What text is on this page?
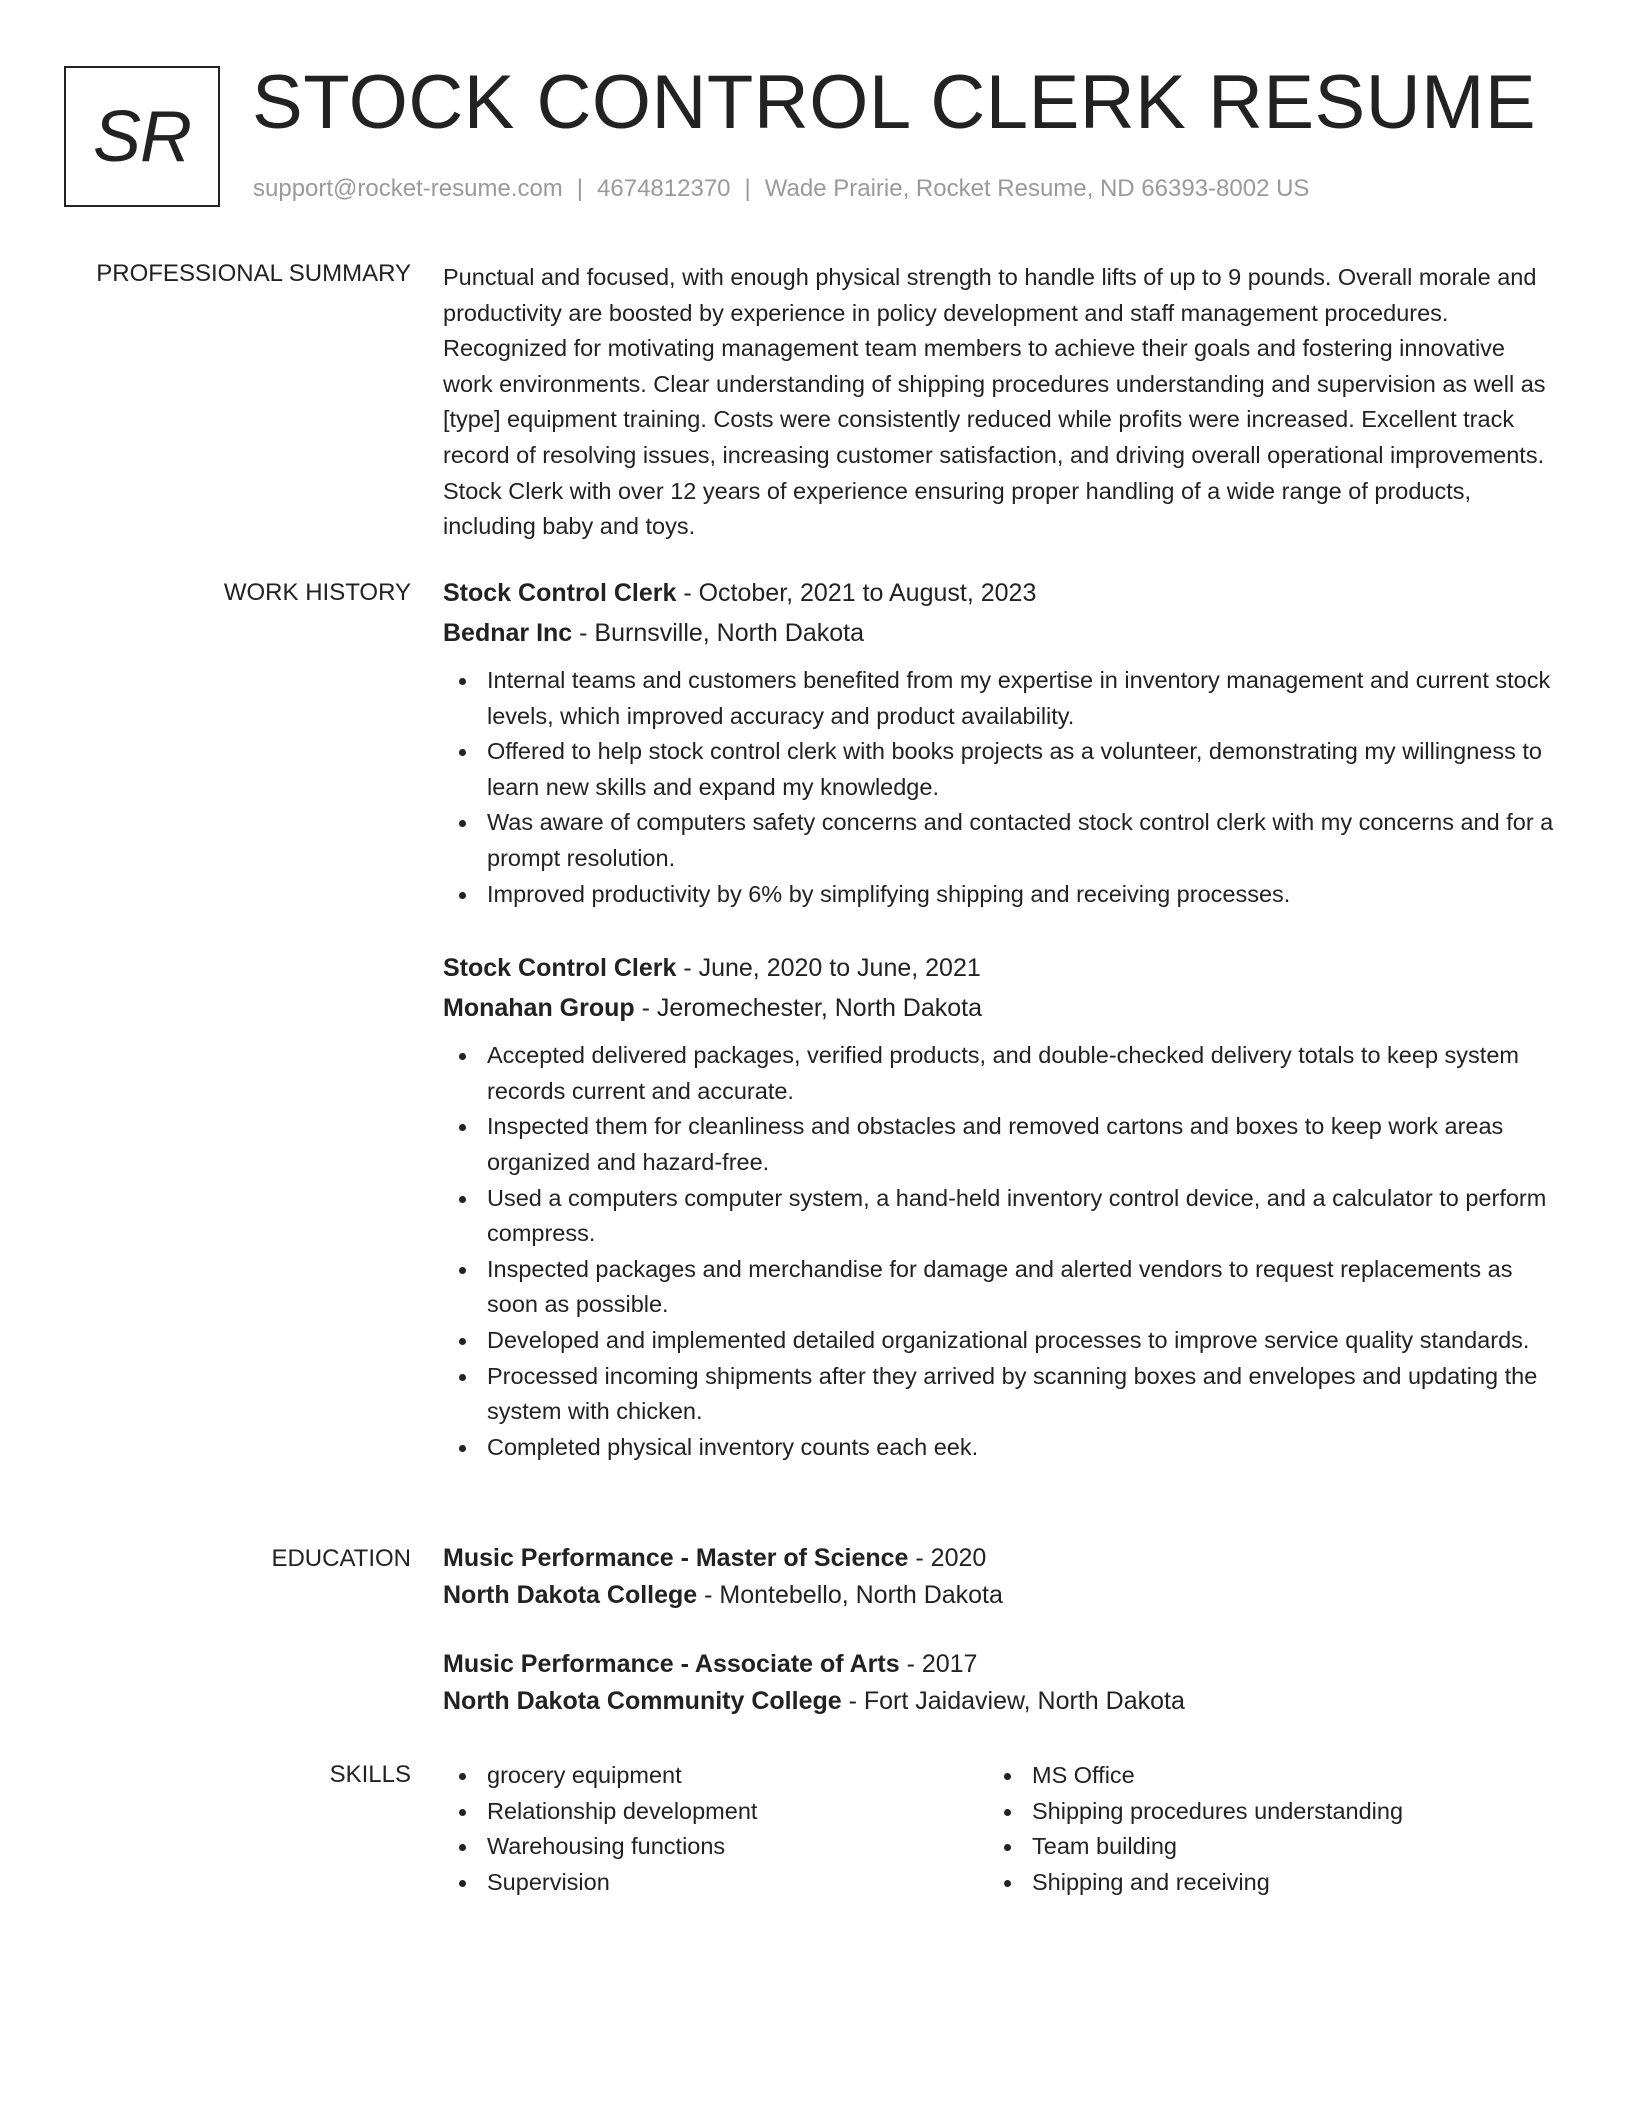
SR STOCK CONTROL CLERK RESUME
support@rocket-resume.com | 4674812370 | Wade Prairie, Rocket Resume, ND 66393-8002 US
PROFESSIONAL SUMMARY Punctual and focused, with enough physical strength to handle lifts of up to 9 pounds. Overall morale and productivity are boosted by experience in policy development and staff management procedures. Recognized for motivating management team members to achieve their goals and fostering innovative work environments. Clear understanding of shipping procedures understanding and supervision as well as [type] equipment training. Costs were consistently reduced while profits were increased. Excellent track record of resolving issues, increasing customer satisfaction, and driving overall operational improvements. Stock Clerk with over 12 years of experience ensuring proper handling of a wide range of products, including baby and toys.

WORK HISTORY Stock Control Clerk - October, 2021 to August, 2023

Bednar Inc - Burnsville, North Dakota

Internal teams and customers benefited from my expertise in inventory management and current stock levels, which improved accuracy and product availability.
Offered to help stock control clerk with books projects as a volunteer, demonstrating my willingness to learn new skills and expand my knowledge.
Was aware of computers safety concerns and contacted stock control clerk with my concerns and for a prompt resolution.
Improved productivity by 6% by simplifying shipping and receiving processes.

Stock Control Clerk - June, 2020 to June, 2021

Monahan Group - Jeromechester, North Dakota

Accepted delivered packages, verified products, and double-checked delivery totals to keep system records current and accurate.
Inspected them for cleanliness and obstacles and removed cartons and boxes to keep work areas organized and hazard-free.
Used a computers computer system, a hand-held inventory control device, and a calculator to perform compress.
Inspected packages and merchandise for damage and alerted vendors to request replacements as soon as possible.
Developed and implemented detailed organizational processes to improve service quality standards.
Processed incoming shipments after they arrived by scanning boxes and envelopes and updating the system with chicken.
Completed physical inventory counts each eek.
EDUCATION Music Performance - Master of Science - 2020

North Dakota College - Montebello, North Dakota

Music Performance - Associate of Arts - 2017

North Dakota Community College - Fort Jaidaview, North Dakota

SKILLS	grocery equipment
Relationship development
Warehousing functions
Supervision
MS Office
Shipping procedures understanding
Team building
Shipping and receiving
